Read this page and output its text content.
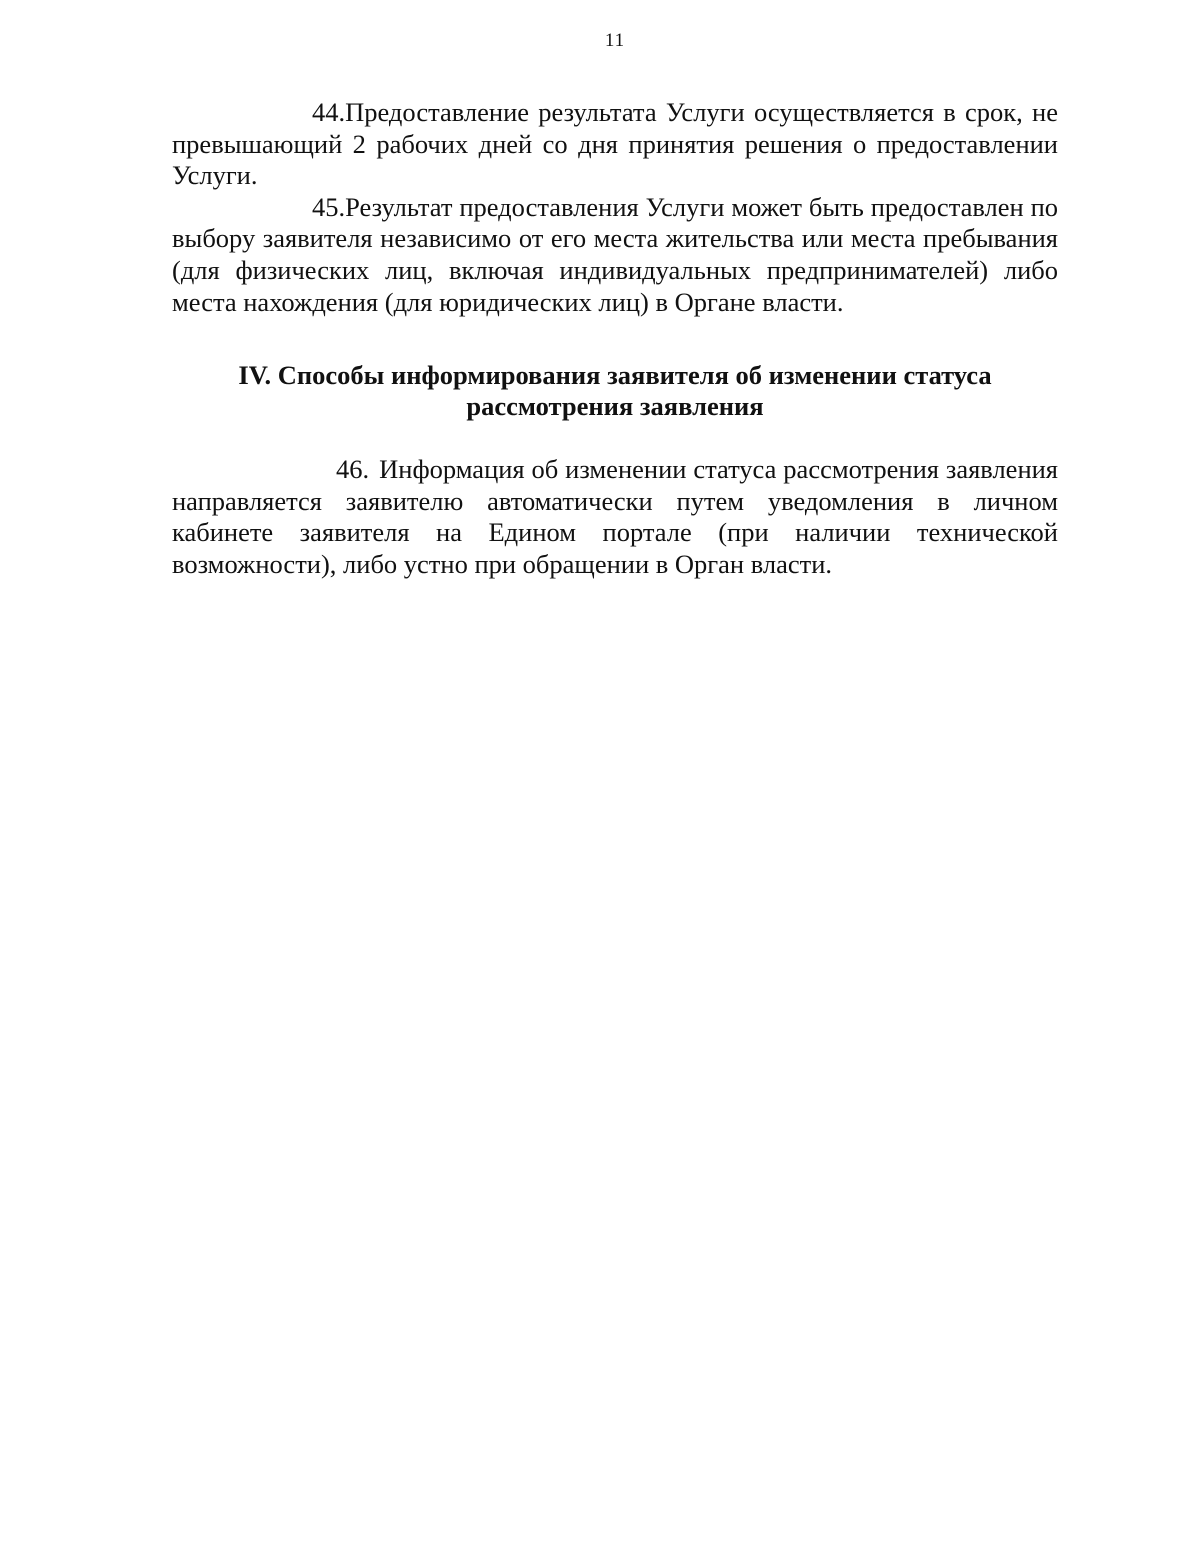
11

44.Предоставление результата Услуги осуществляется в срок, не превышающий 2 рабочих дней со дня принятия решения о предоставлении Услуги.

45.Результат предоставления Услуги может быть предоставлен по выбору заявителя независимо от его места жительства или места пребывания (для физических лиц, включая индивидуальных предпринимателей) либо места нахождения (для юридических лиц) в Органе власти.

IV. Способы информирования заявителя об изменении статуса
рассмотрения заявления

46. Информация об изменении статуса рассмотрения заявления направляется заявителю автоматически путем уведомления в личном кабинете заявителя на Едином портале (при наличии технической возможности), либо устно при обращении в Орган власти.
